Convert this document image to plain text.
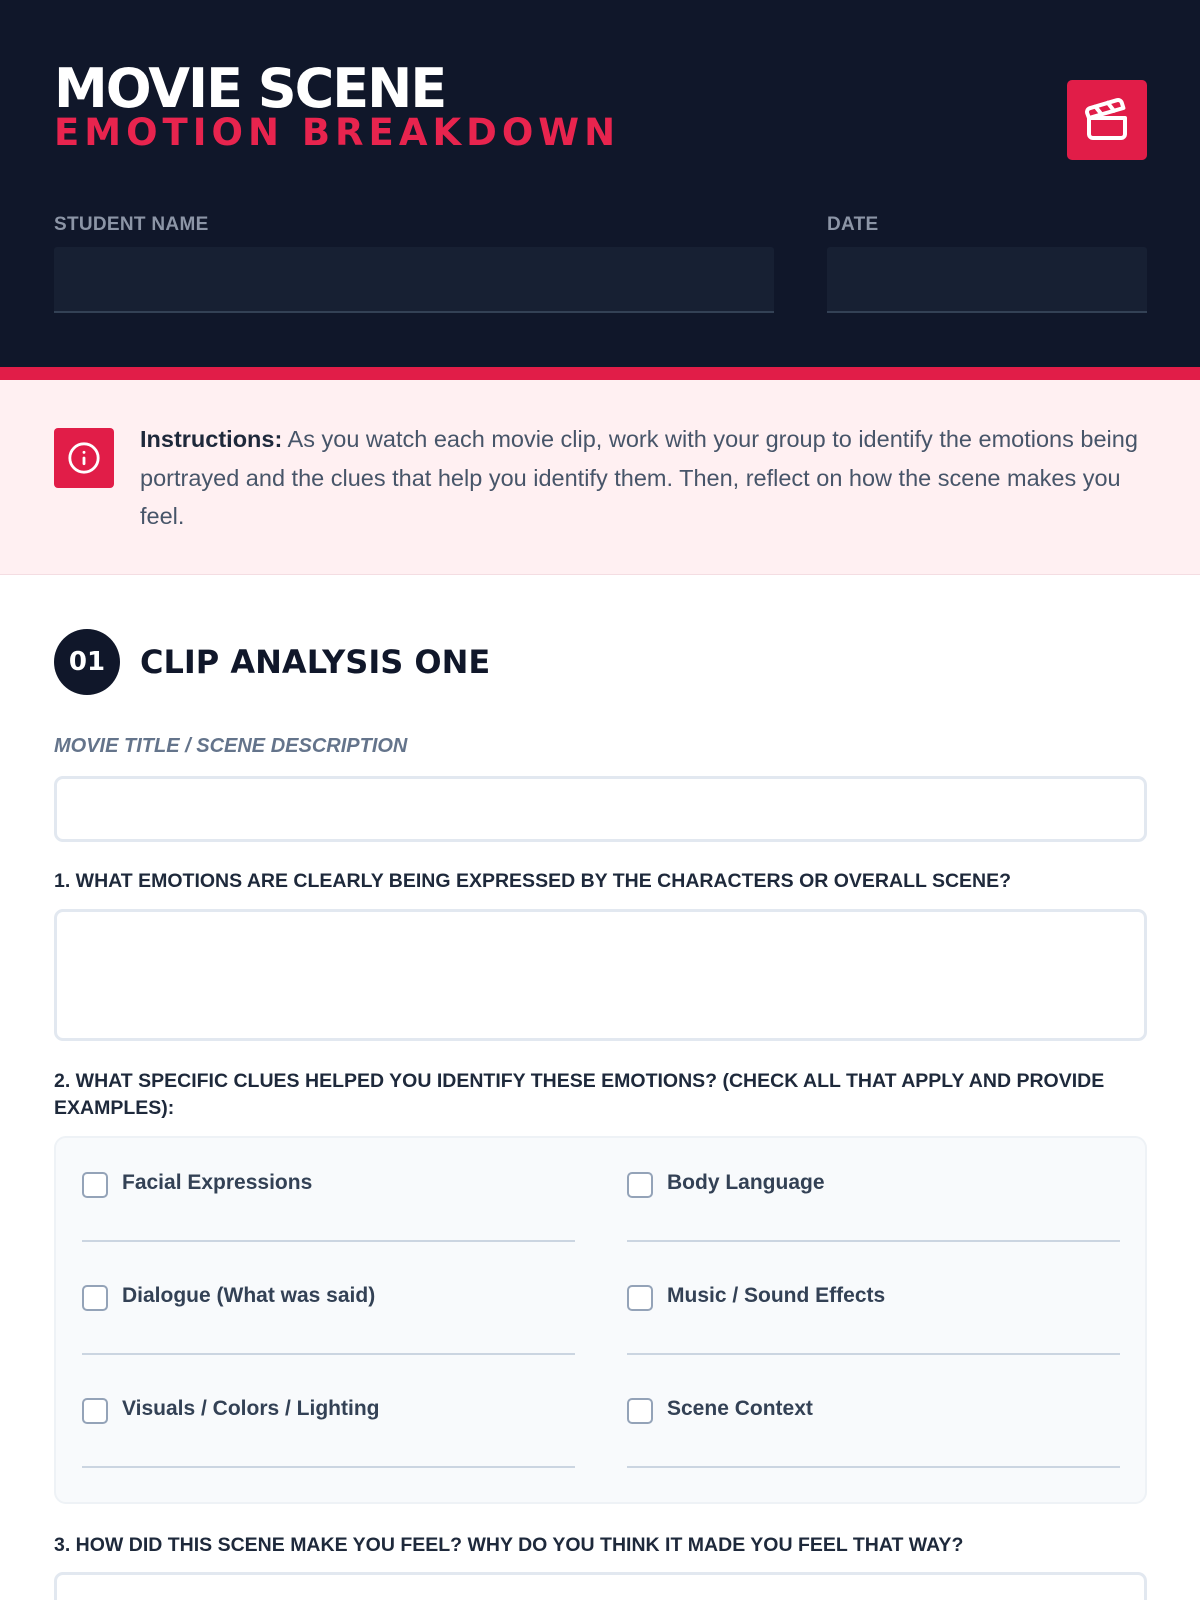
MOVIE SCENE
EMOTION BREAKDOWN
STUDENT NAME	DATE
Instructions: As you watch each movie clip, work with your group to identify the emotions being portrayed and the clues that help you identify them. Then, reflect on how the scene makes you feel.
01	CLIP ANALYSIS ONE
MOVIE TITLE / SCENE DESCRIPTION
1. WHAT EMOTIONS ARE CLEARLY BEING EXPRESSED BY THE CHARACTERS OR OVERALL SCENE?
2. WHAT SPECIFIC CLUES HELPED YOU IDENTIFY THESE EMOTIONS? (CHECK ALL THAT APPLY AND PROVIDE EXAMPLES):
Facial Expressions	Body Language
Dialogue (What was said)	Music / Sound Effects
Visuals / Colors / Lighting	Scene Context
3. HOW DID THIS SCENE MAKE YOU FEEL? WHY DO YOU THINK IT MADE YOU FEEL THAT WAY?
